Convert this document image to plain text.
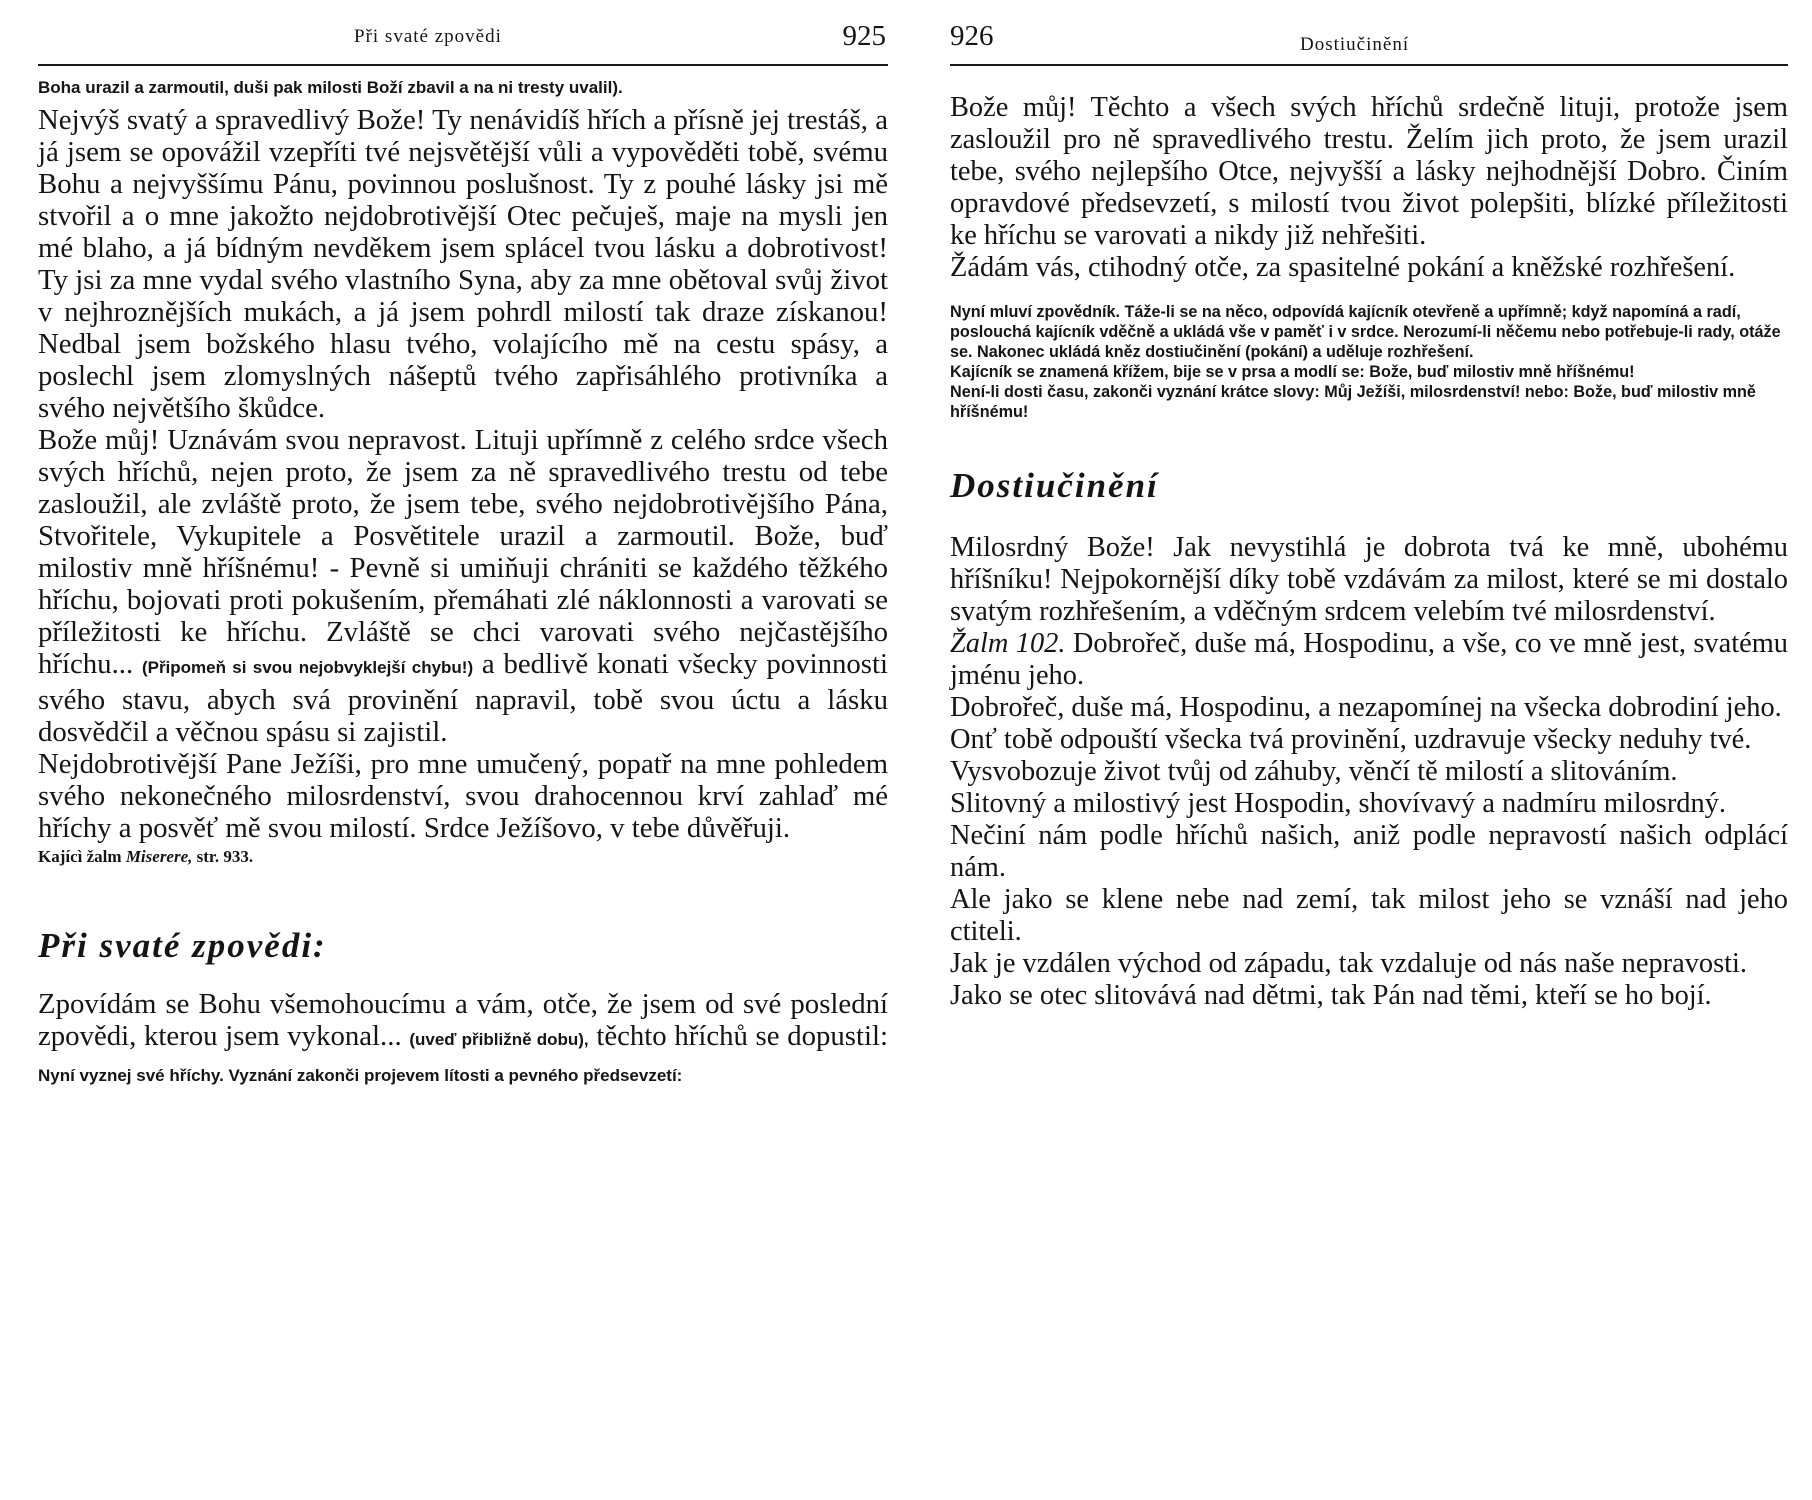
Při svaté zpovědi	925

Boha urazil a zarmoutil, duši pak milosti Boží zbavil a na ni tresty uvalil).

Nejvýš svatý a spravedlivý Bože! Ty nenávidíš hřích a přísně jej trestáš, a já jsem se opovážil vzepříti tvé nejsvětější vůli a vypověděti tobě, svému Bohu a nejvyššímu Pánu, povinnou poslušnost. Ty z pouhé lásky jsi mě stvořil a o mne jakožto nejdobrotivější Otec pečuješ, maje na mysli jen mé blaho, a já bídným nevděkem jsem splácel tvou lásku a dobrotivost! Ty jsi za mne vydal svého vlastního Syna, aby za mne obětoval svůj život v nejhroznějších mukách, a já jsem pohrdl milostí tak draze získanou! Nedbal jsem božského hlasu tvého, volajícího mě na cestu spásy, a poslechl jsem zlomyslných nášeptů tvého zapřisáhlého protivníka a svého největšího škůdce.

Bože můj! Uznávám svou nepravost. Lituji upřímně z celého srdce všech svých hříchů, nejen proto, že jsem za ně spravedlivého trestu od tebe zasloužil, ale zvláště proto, že jsem tebe, svého nejdobrotivějšího Pána, Stvořitele, Vykupitele a Posvětitele urazil a zarmoutil. Bože, buď milostiv mně hříšnému! - Pevně si umiňuji chrániti se každého těžkého hříchu, bojovati proti pokušením, přemáhati zlé náklonnosti a varovati se příležitosti ke hříchu. Zvláště se chci varovati svého nejčastějšího hříchu... (Připomeň si svou nejobvyklejší chybu!) a bedlivě konati všecky povinnosti svého stavu, abych svá provinění napravil, tobě svou úctu a lásku dosvědčil a věčnou spásu si zajistil.

Nejdobrotivější Pane Ježíši, pro mne umučený, popatř na mne pohledem svého nekonečného milosrdenství, svou drahocennou krví zahlaď mé hříchy a posvěť mě svou milostí. Srdce Ježíšovo, v tebe důvěřuji.

Kajícì žalm Miserere, str. 933.

Při svaté zpovědi:

Zpovídám se Bohu všemohoucímu a vám, otče, že jsem od své poslední zpovědi, kterou jsem vykonal... (uveď přibližně dobu), těchto hříchů se dopustil: Nyní vyznej své hříchy. Vyznání zakonči projevem lítosti a pevného předsevzetí:

926	Dostiučinění

Bože můj! Těchto a všech svých hříchů srdečně lituji, protože jsem zasloužil pro ně spravedlivého trestu. Želím jich proto, že jsem urazil tebe, svého nejlepšího Otce, nejvyšší a lásky nejhodnější Dobro. Činím opravdové předsevzetí, s milostí tvou život polepšiti, blízké příležitosti ke hříchu se varovati a nikdy již nehřešiti.

Žádám vás, ctihodný otče, za spasitelné pokání a kněžské rozhřešení.

Nyní mluví zpovědník. Táže-li se na něco, odpovídá kajícník otevřeně a upřímně; když napomíná a radí, poslouchá kajícník vděčně a ukládá vše v paměť i v srdce. Nerozumí-li něčemu nebo potřebuje-li rady, otáže se. Nakonec ukládá kněz dostiučinění (pokání) a uděluje rozhřešení.

Kajícník se znamená křížem, bije se v prsa a modlí se: Bože, buď milostiv mně hříšnému!

Není-li dosti času, zakonči vyznání krátce slovy: Můj Ježíši, milosrdenství! nebo: Bože, buď milostiv mně hříšnému!

Dostiučinění

Milosrdný Bože! Jak nevystihlá je dobrota tvá ke mně, ubohému hříšníku! Nejpokornější díky tobě vzdávám za milost, které se mi dostalo svatým rozhřešením, a vděčným srdcem velebím tvé milosrdenství.

Žalm 102. Dobrořeč, duše má, Hospodinu, a vše, co ve mně jest, svatému jménu jeho.

Dobrořeč, duše má, Hospodinu, a nezapomínej na všecka dobrodiní jeho.

Onť tobě odpouští všecka tvá provinění, uzdravuje všecky neduhy tvé.

Vysvobozuje život tvůj od záhuby, věnčí tě milostí a slitováním.

Slitovný a milostivý jest Hospodin, shovívavý a nadmíru milosrdný.

Nečiní nám podle hříchů našich, aniž podle nepravostí našich odplácí nám.

Ale jako se klene nebe nad zemí, tak milost jeho se vznáší nad jeho ctiteli.

Jak je vzdálen východ od západu, tak vzdaluje od nás naše nepravosti.

Jako se otec slitovává nad dětmi, tak Pán nad těmi, kteří se ho bojí.
